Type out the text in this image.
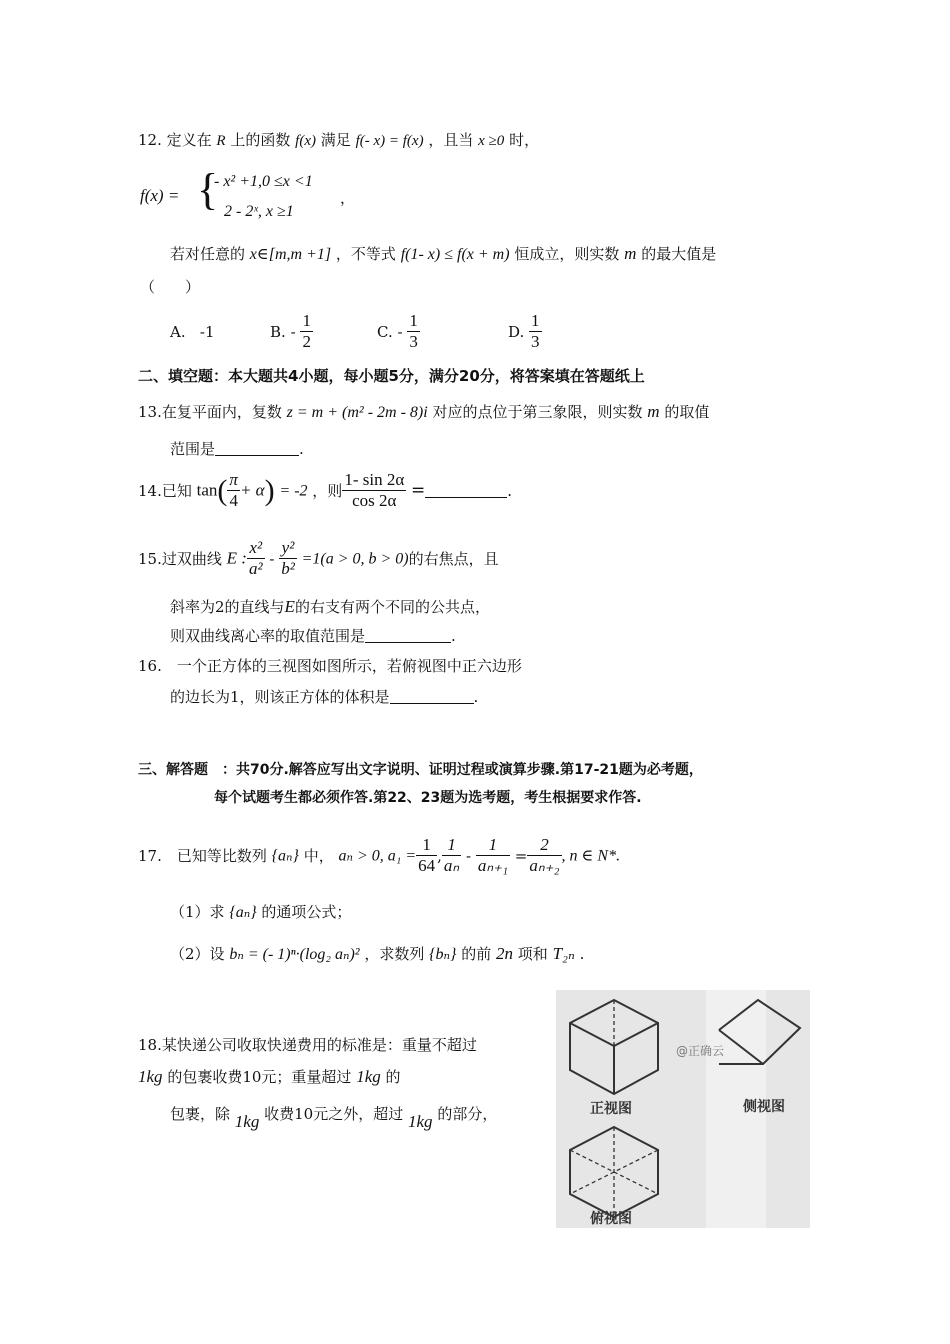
12. 定义在 R 上的函数 f(x) 满足 f(- x) = f(x) ，且当 x ≥0 时，
f(x) = {
- x² +1,0 ≤x <1
2 - 2ˣ, x ≥1
，
若对任意的 x∈[m,m +1] ，不等式 f(1- x) ≤ f(x + m) 恒成立，则实数 m 的最大值是
（　　）
A. -1	B. - $\frac{1}{2}$	C. - $\frac{1}{3}$	D. $\frac{1}{3}$
二、填空题：本大题共4小题，每小题5分，满分20分，将答案填在答题纸上
13.在复平面内，复数 z = m + (m² - 2m - 8)i 对应的点位于第三象限，则实数 m 的取值
范围是	.
14.已知 $\tan( \frac{\pi}{4} + \alpha) = -2$ ，则 $\frac{1- \sin 2\alpha}{\cos 2\alpha}$ =	.
15.过双曲线 E : $\frac{\text{x²}}{\text{a²}} - \frac{\text{y²}}{\text{b²}} =1(a > 0$, b > 0)的右焦点，且
斜率为2的直线与E的右支有两个不同的公共点，
则双曲线离心率的取值范围是	.
16.　一个正方体的三视图如图所示，若俯视图中正六边形
的边长为1，则该正方体的体积是	.
三、解答题　：共70分.解答应写出文字说明、证明过程或演算步骤.第17-21题为必考题，
每个试题考生都必须作答.第22、23题为选考题，考生根据要求作答.
17.　已知等比数列 {aₙ} 中， aₙ > 0, $a_1 = \frac{1}{64}$ , $\frac{1}{\text{aₙ}} - \frac{1}{\text{aₙ₊₁}} = \frac{2}{\text{aₙ₊₂}}$ , n ∈ N*.
（1）求 {aₙ} 的通项公式；
（2）设 bₙ = (- 1)ⁿ·(log₂ aₙ)² ，求数列 {bₙ} 的前 2n 项和 T₂ₙ .
18.某快递公司收取快递费用的标准是：重量不超过
1kg 的包裹收费10元；重量超过 1kg 的
包裹，除 1kg 收费10元之外，超过 1kg 的部分，	正视图	侧视图
俯视图
@正确云
